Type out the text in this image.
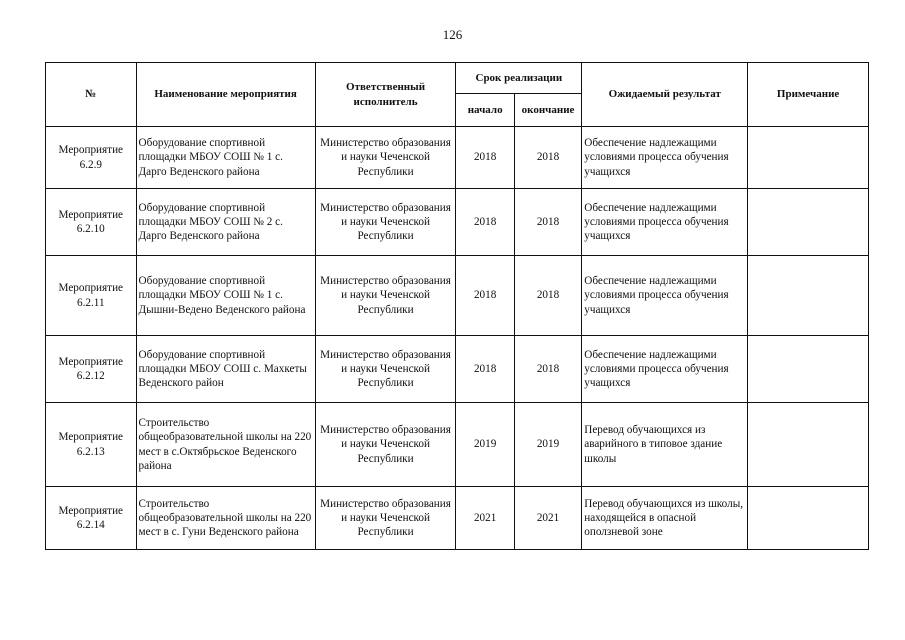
126
№	Наименование мероприятия	Ответственный исполнитель	Срок реализации		Ожидаемый результат	Примечание
			начало	окончание		
Мероприятие 6.2.9	Оборудование спортивной площадки МБОУ СОШ № 1 с. Дарго Веденского района	Министерство образования и науки Чеченской Республики	2018	2018	Обеспечение надлежащими условиями процесса обучения учащихся	
Мероприятие 6.2.10	Оборудование спортивной площадки МБОУ СОШ № 2 с. Дарго Веденского района	Министерство образования и науки Чеченской Республики	2018	2018	Обеспечение надлежащими условиями процесса обучения учащихся	
Мероприятие 6.2.11	Оборудование спортивной площадки МБОУ СОШ № 1 с. Дышни-Ведено Веденского района	Министерство образования и науки Чеченской Республики	2018	2018	Обеспечение надлежащими условиями процесса обучения учащихся	
Мероприятие 6.2.12	Оборудование спортивной площадки МБОУ СОШ с. Махкеты Веденского район	Министерство образования и науки Чеченской Республики	2018	2018	Обеспечение надлежащими условиями процесса обучения учащихся	
Мероприятие 6.2.13	Строительство общеобразовательной школы на 220 мест в с.Октябрьское Веденского района	Министерство образования и науки Чеченской Республики	2019	2019	Перевод обучающихся из аварийного в типовое здание школы	
Мероприятие 6.2.14	Строительство общеобразовательной школы на 220 мест в с. Гуни Веденского района	Министерство образования и науки Чеченской Республики	2021	2021	Перевод обучающихся из школы, находящейся в опасной оползневой зоне	
